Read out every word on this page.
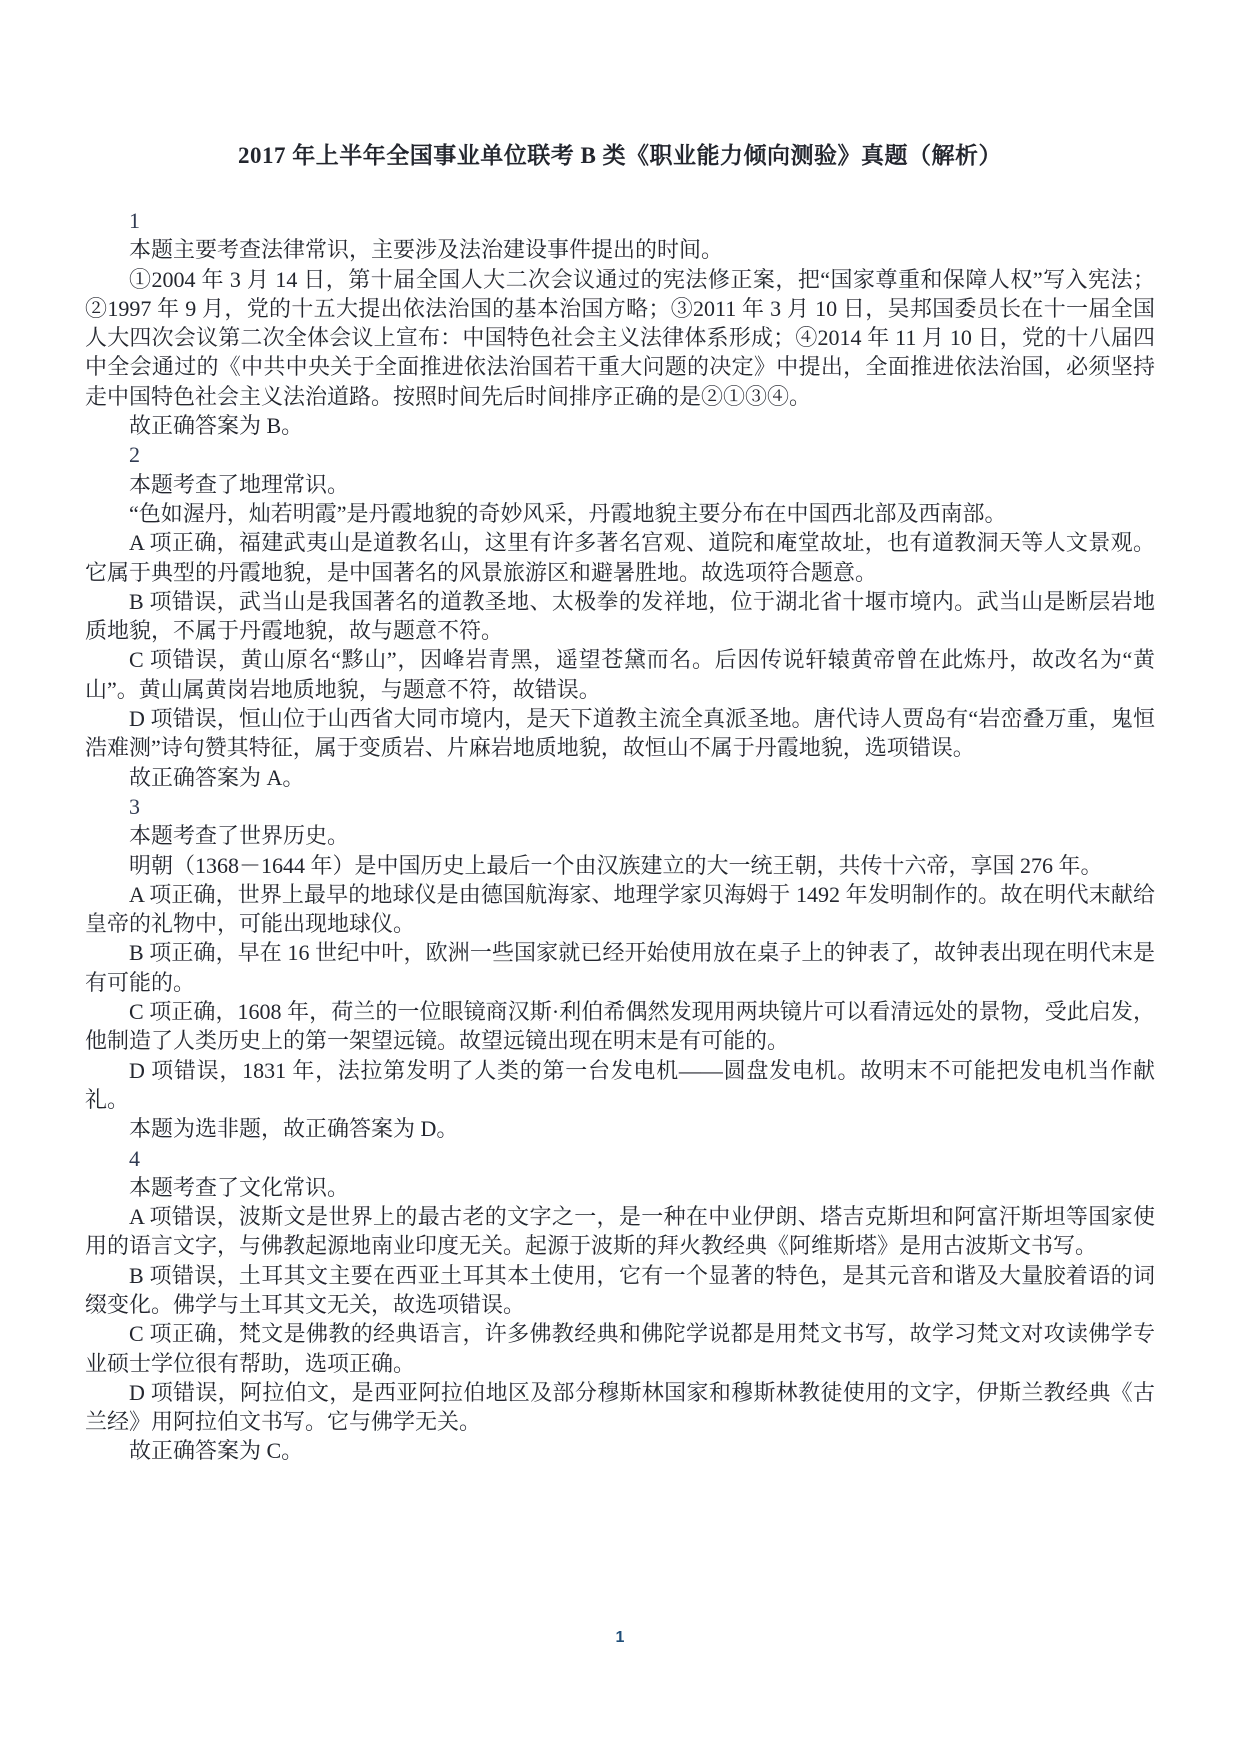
2017 年上半年全国事业单位联考 B 类《职业能力倾向测验》真题（解析）

1

本题主要考查法律常识，主要涉及法治建设事件提出的时间。

①2004 年 3 月 14 日，第十届全国人大二次会议通过的宪法修正案，把“国家尊重和保障人权”写入宪法；②1997 年 9 月，党的十五大提出依法治国的基本治国方略；③2011 年 3 月 10 日，吴邦国委员长在十一届全国人大四次会议第二次全体会议上宣布：中国特色社会主义法律体系形成；④2014 年 11 月 10 日，党的十八届四中全会通过的《中共中央关于全面推进依法治国若干重大问题的决定》中提出，全面推进依法治国，必须坚持走中国特色社会主义法治道路。按照时间先后时间排序正确的是②①③④。

故正确答案为 B。

2

本题考查了地理常识。

“色如渥丹，灿若明霞”是丹霞地貌的奇妙风采，丹霞地貌主要分布在中国西北部及西南部。

A 项正确，福建武夷山是道教名山，这里有许多著名宫观、道院和庵堂故址，也有道教洞天等人文景观。它属于典型的丹霞地貌，是中国著名的风景旅游区和避暑胜地。故选项符合题意。

B 项错误，武当山是我国著名的道教圣地、太极拳的发祥地，位于湖北省十堰市境内。武当山是断层岩地质地貌，不属于丹霞地貌，故与题意不符。

C 项错误，黄山原名“黟山”，因峰岩青黑，遥望苍黛而名。后因传说轩辕黄帝曾在此炼丹，故改名为“黄山”。黄山属黄岗岩地质地貌，与题意不符，故错误。

D 项错误，恒山位于山西省大同市境内，是天下道教主流全真派圣地。唐代诗人贾岛有“岩峦叠万重，鬼恒浩难测”诗句赞其特征，属于变质岩、片麻岩地质地貌，故恒山不属于丹霞地貌，选项错误。

故正确答案为 A。

3

本题考查了世界历史。

明朝（1368－1644 年）是中国历史上最后一个由汉族建立的大一统王朝，共传十六帝，享国 276 年。

A 项正确，世界上最早的地球仪是由德国航海家、地理学家贝海姆于 1492 年发明制作的。故在明代末献给皇帝的礼物中，可能出现地球仪。

B 项正确，早在 16 世纪中叶，欧洲一些国家就已经开始使用放在桌子上的钟表了，故钟表出现在明代末是有可能的。

C 项正确，1608 年，荷兰的一位眼镜商汉斯·利伯希偶然发现用两块镜片可以看清远处的景物，受此启发，他制造了人类历史上的第一架望远镜。故望远镜出现在明末是有可能的。

D 项错误，1831 年，法拉第发明了人类的第一台发电机——圆盘发电机。故明末不可能把发电机当作献礼。

本题为选非题，故正确答案为 D。

4

本题考查了文化常识。

A 项错误，波斯文是世界上的最古老的文字之一，是一种在中业伊朗、塔吉克斯坦和阿富汗斯坦等国家使用的语言文字，与佛教起源地南业印度无关。起源于波斯的拜火教经典《阿维斯塔》是用古波斯文书写。

B 项错误，土耳其文主要在西亚土耳其本土使用，它有一个显著的特色，是其元音和谐及大量胶着语的词缀变化。佛学与土耳其文无关，故选项错误。

C 项正确，梵文是佛教的经典语言，许多佛教经典和佛陀学说都是用梵文书写，故学习梵文对攻读佛学专业硕士学位很有帮助，选项正确。

D 项错误，阿拉伯文，是西亚阿拉伯地区及部分穆斯林国家和穆斯林教徒使用的文字，伊斯兰教经典《古兰经》用阿拉伯文书写。它与佛学无关。

故正确答案为 C。

1
